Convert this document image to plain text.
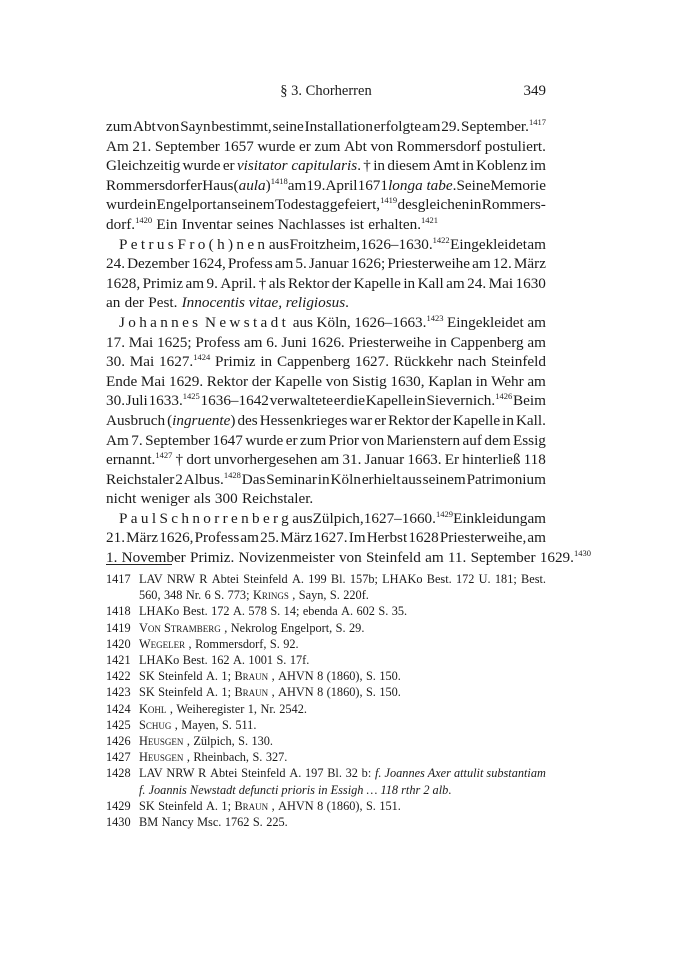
§ 3. Chorherren	349
zum Abt von Sayn bestimmt, seine Installation erfolgte am 29. September.$^{1417}$
Am 21. September 1657 wurde er zum Abt von Rommersdorf postuliert.
Gleichzeitig wurde er visitator capitularis. † in diesem Amt in Koblenz im
Rommersdorfer Haus (aula)$^{1418}$ am 19. April 1671 longa tabe. Seine Memorie
wurde in Engelport an seinem Todestag gefeiert,$^{1419}$ desgleichen in Rommers-
dorf.$^{1420}$ Ein Inventar seines Nachlasses ist erhalten.$^{1421}$
Petrus Fro(h)nen aus Froitzheim, 1626–1630.$^{1422}$ Eingekleidet am
24. Dezember 1624, Profess am 5. Januar 1626; Priesterweihe am 12. März
1628, Primiz am 9. April. † als Rektor der Kapelle in Kall am 24. Mai 1630
an der Pest. Innocentis vitae, religiosus.
Johannes Newstadt aus Köln, 1626–1663.$^{1423}$ Eingekleidet am
17. Mai 1625; Profess am 6. Juni 1626. Priesterweihe in Cappenberg am
30. Mai 1627.$^{1424}$ Primiz in Cappenberg 1627. Rückkehr nach Steinfeld
Ende Mai 1629. Rektor der Kapelle von Sistig 1630, Kaplan in Wehr am
30. Juli 1633.$^{1425}$ 1636–1642 verwaltete er die Kapelle in Sievernich.$^{1426}$ Beim
Ausbruch (ingruente) des Hessenkrieges war er Rektor der Kapelle in Kall.
Am 7. September 1647 wurde er zum Prior von Marienstern auf dem Essig
ernannt.$^{1427}$ † dort unvorhergesehen am 31. Januar 1663. Er hinterließ 118
Reichstaler 2 Albus.$^{1428}$ Das Seminar in Köln erhielt aus seinem Patrimonium
nicht weniger als 300 Reichstaler.
Paul Schnorrenberg aus Zülpich, 1627–1660.$^{1429}$ Einkleidung am
21. März 1626, Profess am 25. März 1627. Im Herbst 1628 Priesterweihe, am
1. November Primiz. Novizenmeister von Steinfeld am 11. September 1629.$^{1430}$
1417 LAV NRW R Abtei Steinfeld A. 199 Bl. 157b; LHAKo Best. 172 U. 181; Best.
560, 348 Nr. 6 S. 773; Krings , Sayn, S. 220f.
1418 LHAKo Best. 172 A. 578 S. 14; ebenda A. 602 S. 35.
1419 Von Stramberg , Nekrolog Engelport, S. 29.
1420 Wegeler , Rommersdorf, S. 92.
1421 LHAKo Best. 162 A. 1001 S. 17f.
1422 SK Steinfeld A. 1; Braun , AHVN 8 (1860), S. 150.
1423 SK Steinfeld A. 1; Braun , AHVN 8 (1860), S. 150.
1424 Kohl , Weiheregister 1, Nr. 2542.
1425 Schug , Mayen, S. 511.
1426 Heusgen , Zülpich, S. 130.
1427 Heusgen , Rheinbach, S. 327.
1428 LAV NRW R Abtei Steinfeld A. 197 Bl. 32 b: f. Joannes Axer attulit substantiam
f. Joannis Newstadt defuncti prioris in Essigh … 118 rthr 2 alb.
1429 SK Steinfeld A. 1; Braun , AHVN 8 (1860), S. 151.
1430 BM Nancy Msc. 1762 S. 225.
